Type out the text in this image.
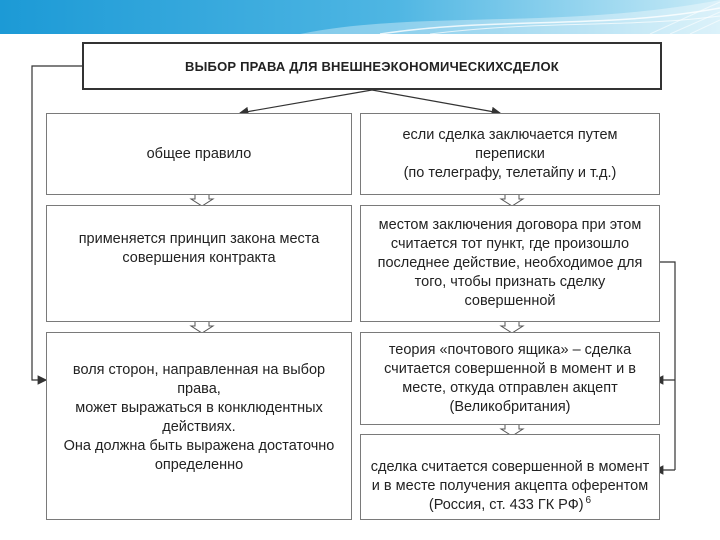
ВЫБОР ПРАВА ДЛЯ ВНЕШНЕЭКОНОМИЧЕСКИХСДЕЛОК
общее правило
если сделка заключается путем переписки
(по телеграфу, телетайпу и т.д.)
применяется принцип закона места
совершения контракта
местом заключения договора при этом
считается тот пункт, где произошло
последнее действие, необходимое для
того, чтобы признать сделку
совершенной
воля сторон, направленная на выбор права,
может выражаться в конклюдентных
действиях.
Она должна быть выражена достаточно
определенно
теория «почтового ящика» – сделка
считается совершенной в момент и в
месте, откуда отправлен акцепт
(Великобритания)

сделка считается совершенной в момент
и в месте получения акцепта оферентом
(Россия, ст. 433 ГК РФ) $^6$
